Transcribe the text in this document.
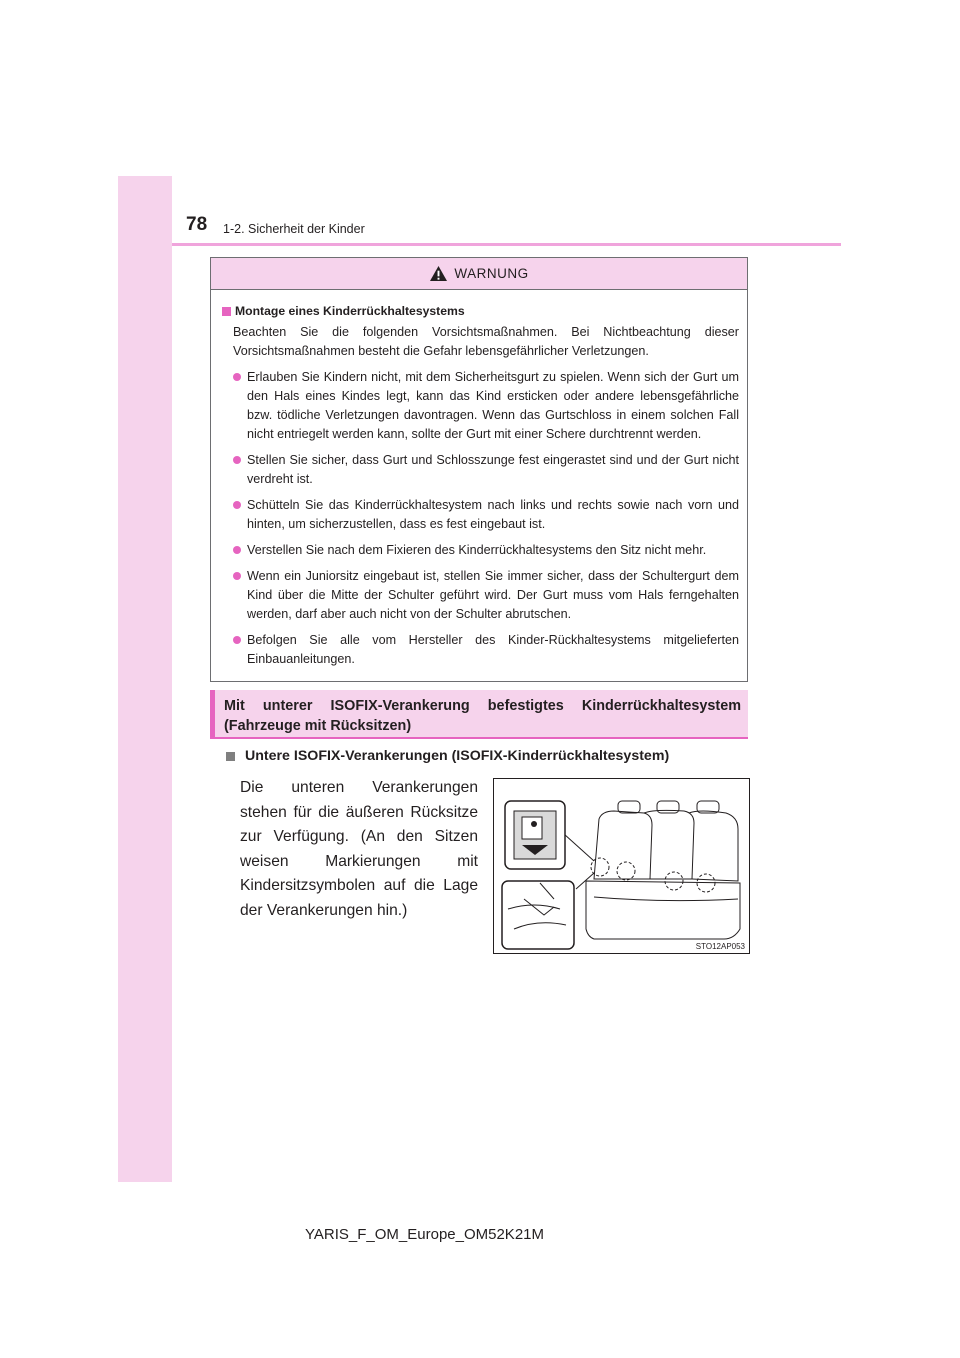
78 1-2. Sicherheit der Kinder
WARNUNG
Montage eines Kinderrückhaltesystems
Beachten Sie die folgenden Vorsichtsmaßnahmen. Bei Nichtbeachtung dieser Vorsichtsmaßnahmen besteht die Gefahr lebensgefährlicher Verletzungen.
Erlauben Sie Kindern nicht, mit dem Sicherheitsgurt zu spielen. Wenn sich der Gurt um den Hals eines Kindes legt, kann das Kind ersticken oder andere lebensgefährliche bzw. tödliche Verletzungen davontragen. Wenn das Gurtschloss in einem solchen Fall nicht entriegelt werden kann, sollte der Gurt mit einer Schere durchtrennt werden.
Stellen Sie sicher, dass Gurt und Schlosszunge fest eingerastet sind und der Gurt nicht verdreht ist.
Schütteln Sie das Kinderrückhaltesystem nach links und rechts sowie nach vorn und hinten, um sicherzustellen, dass es fest eingebaut ist.
Verstellen Sie nach dem Fixieren des Kinderrückhaltesystems den Sitz nicht mehr.
Wenn ein Juniorsitz eingebaut ist, stellen Sie immer sicher, dass der Schultergurt dem Kind über die Mitte der Schulter geführt wird. Der Gurt muss vom Hals ferngehalten werden, darf aber auch nicht von der Schulter abrutschen.
Befolgen Sie alle vom Hersteller des Kinder-Rückhaltesystems mitgelieferten Einbauanleitungen.
Mit unterer ISOFIX-Verankerung befestigtes Kinderrückhaltesystem (Fahrzeuge mit Rücksitzen)
Untere ISOFIX-Verankerungen (ISOFIX-Kinderrückhaltesystem)
Die unteren Verankerungen stehen für die äußeren Rücksitze zur Verfügung. (An den Sitzen weisen Markierungen mit Kindersitzsymbolen auf die Lage der Verankerungen hin.)
STO12AP053
YARIS_F_OM_Europe_OM52K21M
